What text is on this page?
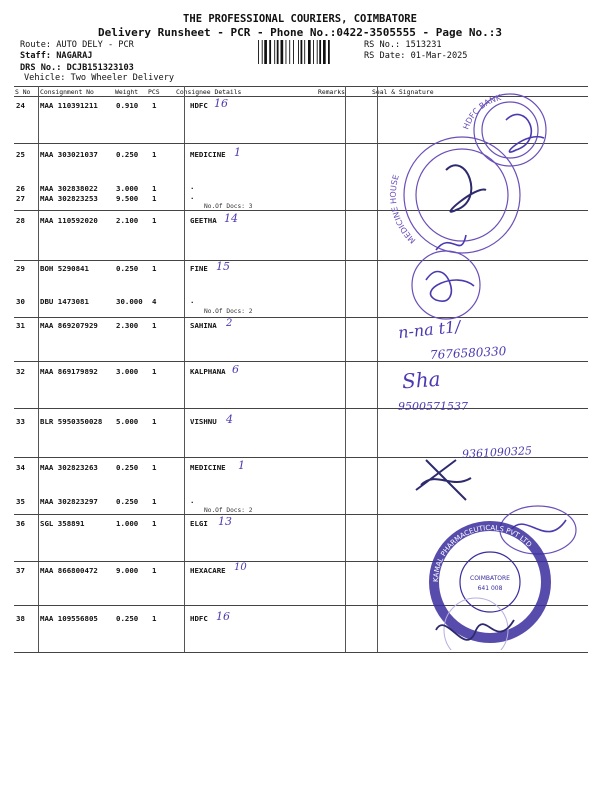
THE PROFESSIONAL COURIERS, COIMBATORE
Delivery Runsheet - PCR - Phone No.:0422-3505555 - Page No.:3
Route: AUTO DELY - PCR
Staff: NAGARAJ
DRS No.: DCJB151323103
Vehicle: Two Wheeler Delivery
RS No.: 1513231
RS Date: 01-Mar-2025
S No Consignment No	Weight PCS	Consignee Details	Remarks	Seal & Signature
24 MAA 110391211 0.910 1	HDFC 16
25 MAA 303021037 0.250 1	MEDICINE 1
26 MAA 302838022 3.000 1	.
27 MAA 302823253 9.500 1	.
No.Of Docs: 3
28 MAA 110592020 2.100 1	GEETHA 14
29 BOH 5290841	0.250 1	FINE 15
30 DBU 1473081	30.000 4	.
No.Of Docs: 2
31 MAA 869207929 2.300 1	SAHINA 2
32 MAA 869179892 3.000 1	KALPHANA 6
33 BLR 5950350028 5.000 1	VISHNU 4
34 MAA 302823263 0.250 1	MEDICINE 1
35 MAA 302823297 0.250 1	.
No.Of Docs: 2
36 SGL 358891	1.000 1	ELGI 13
37 MAA 866800472 9.000 1	HEXACARE 10
38 MAA 109556805 0.250 1	HDFC 16
n-na t1/
7676580330
Sha
9500571537
9361090325
HDFC BANK
MEDICINE HOUSE
KAMAL PHARMACEUTICALS PVT LTD
COIMBATORE
641 008
